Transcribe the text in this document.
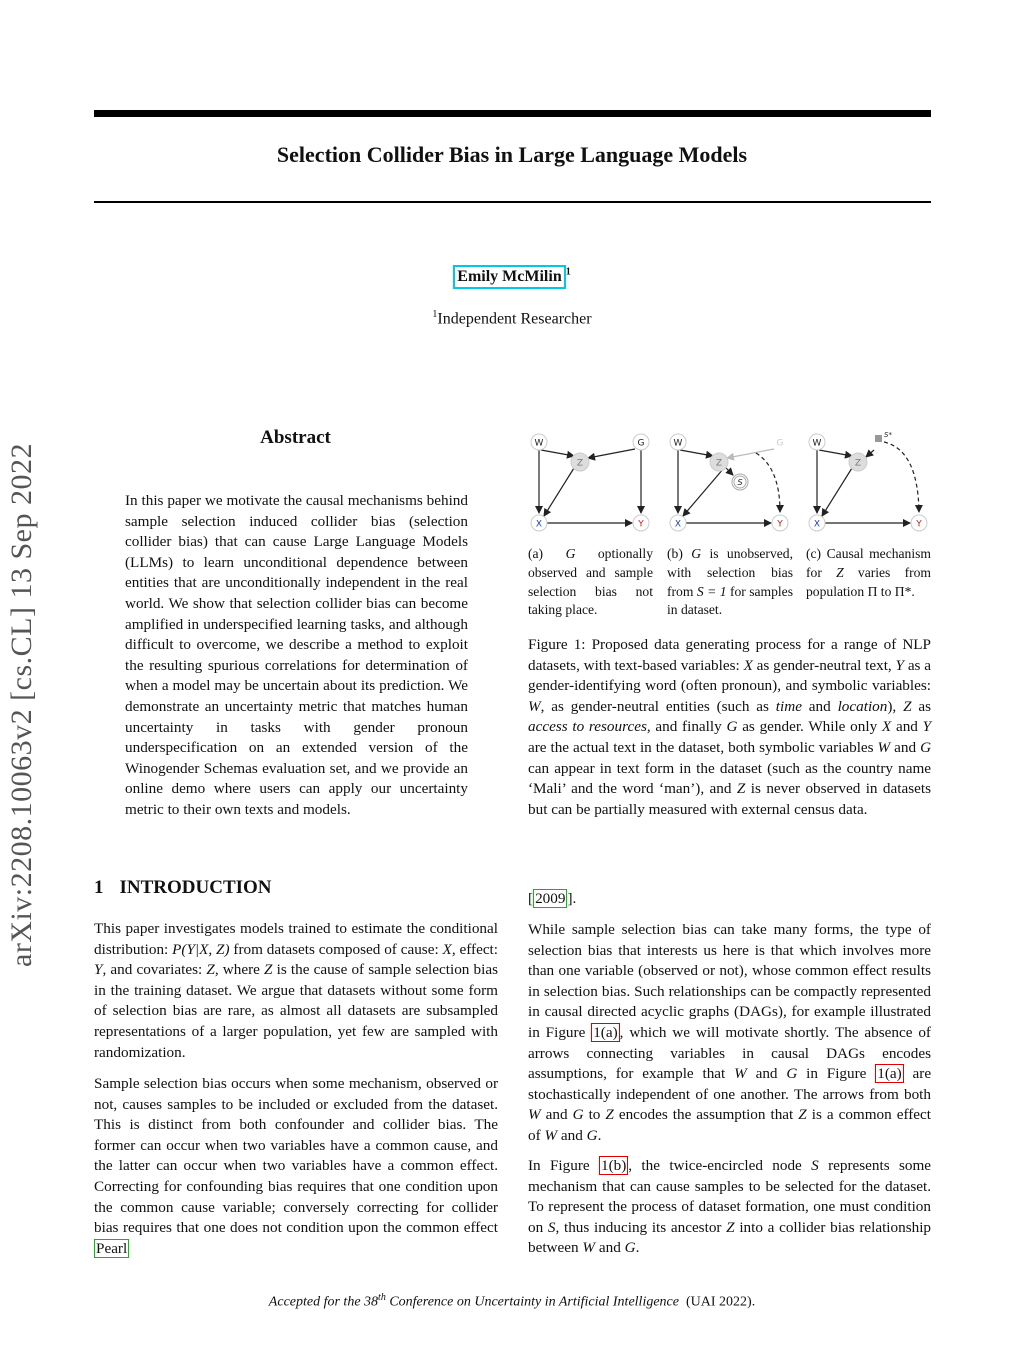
Selection Collider Bias in Large Language Models
Emily McMilin $^1$
$^1$Independent Researcher
arXiv:2208.10063v2 [cs.CL] 13 Sep 2022
Abstract
In this paper we motivate the causal mechanisms behind sample selection induced collider bias (selection collider bias) that can cause Large Language Models (LLMs) to learn unconditional dependence between entities that are unconditionally independent in the real world. We show that selection collider bias can become amplified in underspecified learning tasks, and although difficult to overcome, we describe a method to exploit the resulting spurious correlations for determination of when a model may be uncertain about its prediction. We demonstrate an uncertainty metric that matches human uncertainty in tasks with gender pronoun underspecification on an extended version of the Winogender Schemas evaluation set, and we provide an online demo where users can apply our uncertainty metric to their own texts and models.
W	G
Z
X	Y
W	G
Z
S
X	Y
W
S*
Z
X	Y
(a) G optionally observed and sample selection bias not taking place.
(b) G is unobserved, with selection bias from S = 1 for samples in dataset.
(c) Causal mechanism for Z varies from population Π to Π*.
Figure 1: Proposed data generating process for a range of NLP datasets, with text-based variables: X as gender-neutral text, Y as a gender-identifying word (often pronoun), and symbolic variables: W, as gender-neutral entities (such as time and location), Z as access to resources, and finally G as gender. While only X and Y are the actual text in the dataset, both symbolic variables W and G can appear in text form in the dataset (such as the country name ‘Mali’ and the word ‘man’), and Z is never observed in datasets but can be partially measured with external census data.
1 INTRODUCTION
This paper investigates models trained to estimate the conditional distribution: P(Y|X, Z) from datasets composed of cause: X, effect: Y, and covariates: Z, where Z is the cause of sample selection bias in the training dataset. We argue that datasets without some form of selection bias are rare, as almost all datasets are subsampled representations of a larger population, yet few are sampled with randomization.
Sample selection bias occurs when some mechanism, observed or not, causes samples to be included or excluded from the dataset. This is distinct from both confounder and collider bias. The former can occur when two variables have a common cause, and the latter can occur when two variables have a common effect. Correcting for confounding bias requires that one condition upon the common cause variable; conversely correcting for collider bias requires that one does not condition upon the common effect Pearl
[ 2009 ].
While sample selection bias can take many forms, the type of selection bias that interests us here is that which involves more than one variable (observed or not), whose common effect results in selection bias. Such relationships can be compactly represented in causal directed acyclic graphs (DAGs), for example illustrated in Figure 1(a) , which we will motivate shortly. The absence of arrows connecting variables in causal DAGs encodes assumptions, for example that W and G in Figure 1(a) are stochastically independent of one another. The arrows from both W and G to Z encodes the assumption that Z is a common effect of W and G.
In Figure 1(b) , the twice-encircled node S represents some mechanism that can cause samples to be selected for the dataset. To represent the process of dataset formation, one must condition on S, thus inducing its ancestor Z into a collider bias relationship between W and G.
Accepted for the 38th Conference on Uncertainty in Artificial Intelligence (UAI 2022).
